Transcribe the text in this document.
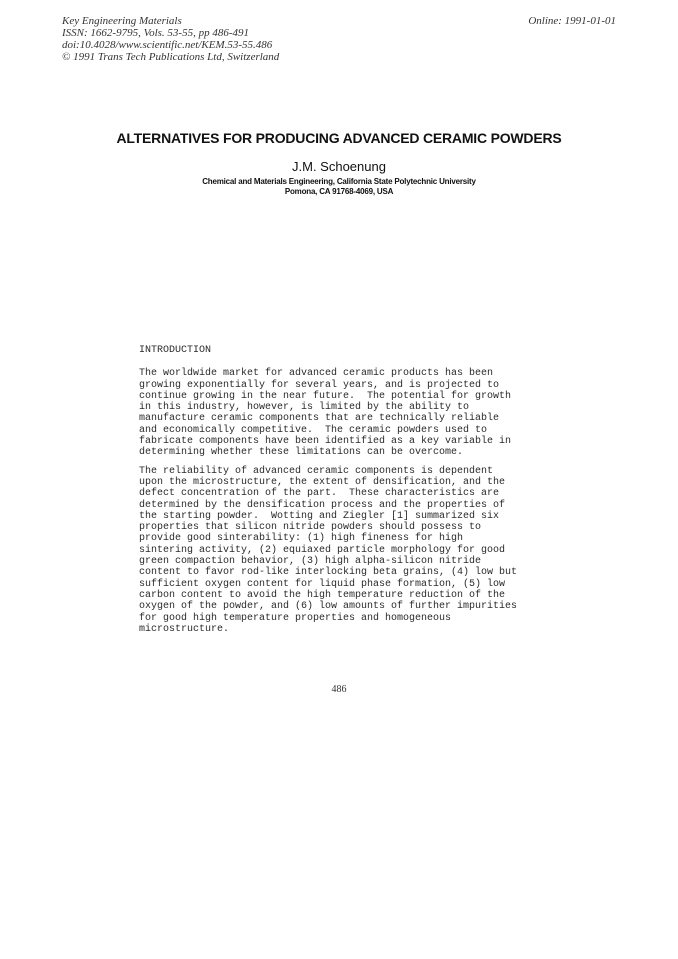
Key Engineering Materials
ISSN: 1662-9795, Vols. 53-55, pp 486-491
doi:10.4028/www.scientific.net/KEM.53-55.486
© 1991 Trans Tech Publications Ltd, Switzerland
Online: 1991-01-01
ALTERNATIVES FOR PRODUCING ADVANCED CERAMIC POWDERS
J.M. Schoenung
Chemical and Materials Engineering, California State Polytechnic University
Pomona, CA 91768-4069, USA
INTRODUCTION
The worldwide market for advanced ceramic products has been
growing exponentially for several years, and is projected to
continue growing in the near future.  The potential for growth
in this industry, however, is limited by the ability to
manufacture ceramic components that are technically reliable
and economically competitive.  The ceramic powders used to
fabricate components have been identified as a key variable in
determining whether these limitations can be overcome.
The reliability of advanced ceramic components is dependent
upon the microstructure, the extent of densification, and the
defect concentration of the part.  These characteristics are
determined by the densification process and the properties of
the starting powder.  Wotting and Ziegler [1] summarized six
properties that silicon nitride powders should possess to
provide good sinterability: (1) high fineness for high
sintering activity, (2) equiaxed particle morphology for good
green compaction behavior, (3) high alpha-silicon nitride
content to favor rod-like interlocking beta grains, (4) low but
sufficient oxygen content for liquid phase formation, (5) low
carbon content to avoid the high temperature reduction of the
oxygen of the powder, and (6) low amounts of further impurities
for good high temperature properties and homogeneous
microstructure.
486
